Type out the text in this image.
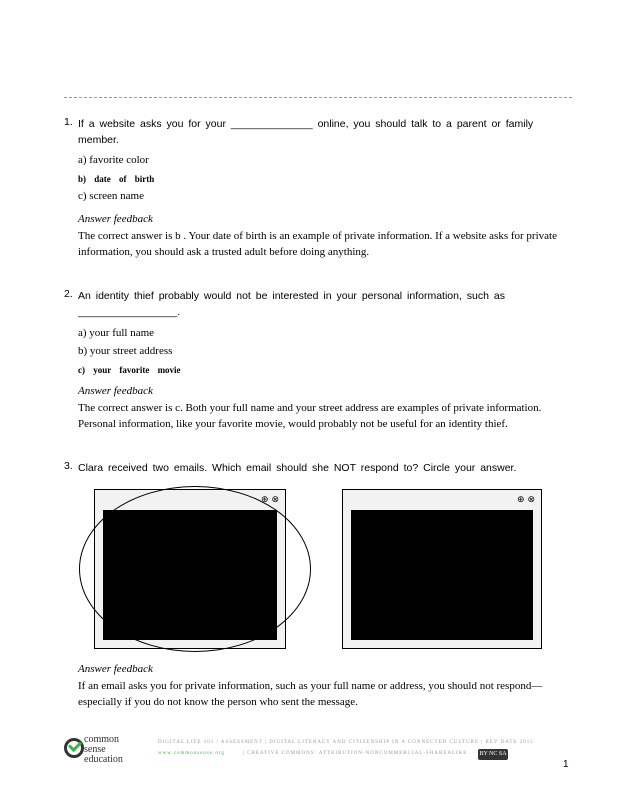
1. If a website asks you for your ______________ online, you should talk to a parent or family member.
a) favorite color
b) date of birth
c) screen name
Answer feedback
The correct answer is b . Your date of birth is an example of private information. If a website asks for private information, you should ask a trusted adult before doing anything.
2. An identity thief probably would not be interested in your personal information, such as _________________.
a) your full name
b) your street address
c) your favorite movie
Answer feedback
The correct answer is c. Both your full name and your street address are examples of private information. Personal information, like your favorite movie, would probably not be useful for an identity thief.
3. Clara received two emails. Which email should she NOT respond to? Circle your answer.
⊕ ⊗	⊕ ⊗
Answer feedback
If an email asks you for private information, such as your full name or address, you should not respond—especially if you do not know the person who sent the message.
common
sense
education
DIGITAL LIFE 101 / ASSESSMENT | DIGITAL LITERACY AND CITIZENSHIP IN A CONNECTED CULTURE | REV DATE 2015
www.commonsense.org	| CREATIVE COMMONS: ATTRIBUTION-NONCOMMERCIAL-SHAREALIKE BY NC SA
1
